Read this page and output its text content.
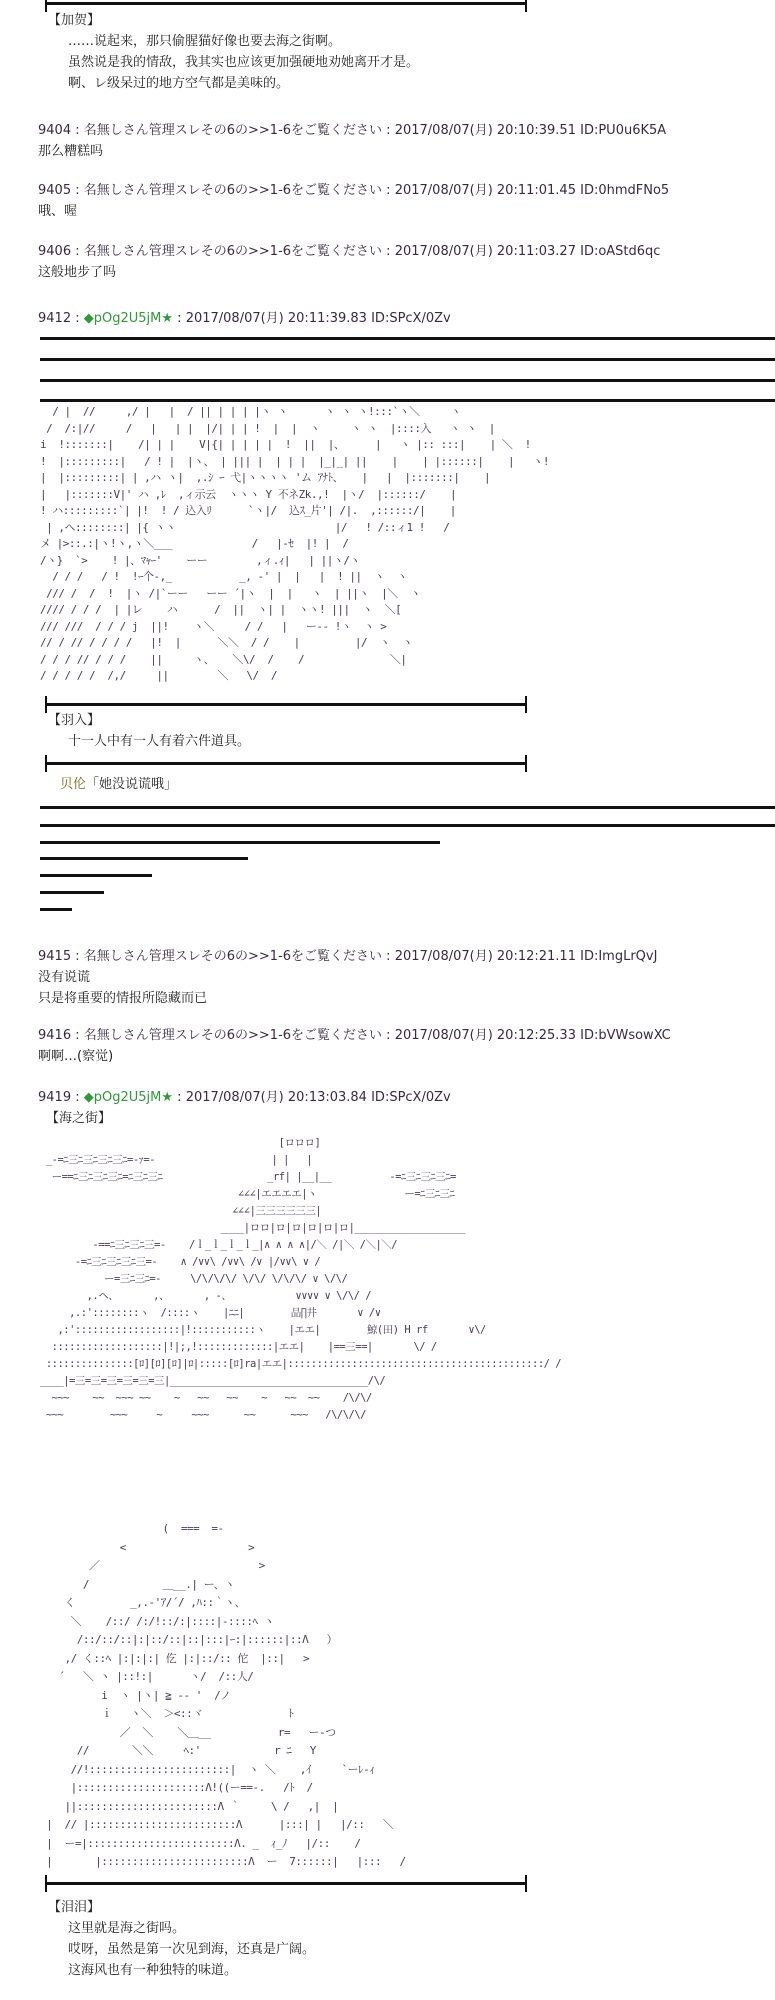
【加贺】
……说起来，那只偷腥猫好像也要去海之街啊。
虽然说是我的情敌，我其实也应该更加强硬地劝她离开才是。
啊、レ级呆过的地方空气都是美味的。
9404 : 名無しさん管理スレその6の>>1-6をご覧ください : 2017/08/07(月) 20:10:39.51 ID:PU0u6K5A
那么糟糕吗
9405 : 名無しさん管理スレその6の>>1-6をご覧ください : 2017/08/07(月) 20:11:01.45 ID:0hmdFNo5
哦、喔
9406 : 名無しさん管理スレその6の>>1-6をご覧ください : 2017/08/07(月) 20:11:03.27 ID:oAStd6qc
这般地步了吗
9412 : ◆pOg2U5jM★ : 2017/08/07(月) 20:11:39.83 ID:SPcX/0Zv
/ |  //     ,/ |   |  / || | | | |ヽ ヽ      ヽ ヽ ヽ!:::`ヽ＼     ヽ
/  /:|//     /   |   | |  |/| | | !  |  |  ヽ     ヽ ヽ  |::::入   ヽ ヽ  |
i  !:::::::|    /| | |    V|{| | | | |  !  ||  |、     |   ヽ |:: :::|    | ＼  !
!  |:::::::::|   / ! |  |ヽ、 | ||| |  | | |  |_|_| ||    |    | |::::::|    |   ヽ!
|  |:::::::::| | ,ハ ヽ|  ,.ｼ ｰ 弋|ヽヽヽヽ 'ム ｱﾅﾄ、   |   |  |:::::::|    |
|   |:::::::V|' ハ ,ﾚ  ,ィ示云  ヽヽヽ Y 不ネZk.,!  |ヽ/  |::::::/    |
! ハ:::::::::`| |!  ! / 込入ﾘ      `ヽ|/  込ｽ_片'| /|.  ,::::::/|    |
| ,ヘ::::::::| |{ ヽヽ                          |/   ! /::ィ1 !   /
メ |>::.:|ヽ!ヽ,ヽ＼___             /   |-ｾ  |! |  /
/ヽ}  `>    ! |、ﾏｬｰ'    ーー        ,ィ.ｨ|   | ||ヽ/ヽ
/ / /   / !  !ｰ个-,_           _, -' |  |   |  ! ||  ヽ  ヽ
/// /  /  !  |ヽ /|`ーー   ーー ´|ヽ  |  |   ヽ  | ||ヽ  |＼  ヽ
//// / / /  | |レ    ハ      /  ||  ヽ| |  ヽヽ! |||  ヽ  ＼[
/// ///  / / / j  ||!    ヽ＼     / /   |   ー‐‐ !ヽ  ヽ >
// / // / / / /   |!  |      ＼＼  / /    |         |/  ヽ  ヽ
/ / / // / / /    ||     ヽ、   ＼\/  /    /              ＼|
/ / / / /  /,/     ||        ＼   \/  /
【羽入】
十一人中有一人有着六件道具。
贝伦「她没说谎哦」
9415 : 名無しさん管理スレその6の>>1-6をご覧ください : 2017/08/07(月) 20:12:21.11 ID:ImgLrQvJ
没有说谎
只是将重要的情报所隐藏而已
9416 : 名無しさん管理スレその6の>>1-6をご覧ください : 2017/08/07(月) 20:12:25.33 ID:bVWsowXC
啊啊…(察觉)
9419 : ◆pOg2U5jM★ : 2017/08/07(月) 20:13:03.84 ID:SPcX/0Zv
【海之街】
[ロロロ]
_-=ﾆ三ﾆ三ﾆ三ﾆ三ﾆ=-ｧ=-                    | |   |
ー==ﾆ三ﾆ三ﾆ三ﾆ=ﾆ三ﾆ三ﾆ                  _rf| |__|__          -=ﾆ三ﾆ三ﾆ三ﾆ=
∠∠∠|エエエエ|ヽ               ー=ﾆ三ﾆ三ﾆ
∠∠∠|三三三三三三|
____|ロロ|ロ|ロ|ロ|ロ|ロ|___________________
-==ﾆ三ﾆ三ﾆ三=-    /ｌ_ｌ_ｌ_ｌ_|∧ ∧ ∧ ∧|/＼ /|＼ /＼|＼/
-=ﾆ三ﾆ三ﾆ三ﾆ三=-    ∧ /∨∨\ /∨∨\ /∨ |/∨∨\ ∨ /
ー=三ﾆ三ﾆ=-     \/\/\/\/ \/\/ \/\/\/ ∨ \/\/
,.ヘ、      ,、      , ‐、           ∨∨∨∨ ∨ \/\/ /
,.:'::::::::ヽ  /::::ヽ    |ﾆﾆ|        品∏井       ∨ /∨
,:'::::::::::::::::::|!:::::::::::ヽ    |エエ|        鯨(田) H rf       ∨\/
:::::::::::::::::::|!|;,!:::::::::::::|エエ|    |==三==|       \/ /
:::::::::::::::[ﾛ][ﾛ][ﾛ]|ﾛ|:::::[ﾛ]ra|エエ|::::::::::::::::::::::::::::::::::::::::::::/ /
____|=三=三=三=三=三=三|__________________________________/\/
~~~    ~~  ~~~ ~~    ~   ~~   ~~    ~   ~~  ~~    /\/\/
~~~        ~~~     ~     ~~~      ~~      ~~~   /\/\/\/
(  ===  =-
<                    >
／                          >
/            ＿__.| ー、ヽ
く         _,.-'ｱ/´/ ,ﾊ::｀ヽ、
＼    /::/ /:/!::/:|::::|-::::ﾍ ヽ
/::/::/::|:|::/::|::|:::|ｰ:|::::::|::Λ   ）
,/ く::ﾍ |:|:|:| 仡 |:|::/:: 佗  |::|   >
´   ＼ ヽ |::!:|      ヽ/  /::人/
i  ヽ |ヽ| ≧ -‐ '  /ノ
ｉ   ヽ＼  ＞<::ヾ              ﾄ
／  ＼    ＼＿__           r=   ー-つ
//       ＼＼     ﾍ:'            r ﾆ   Y
//!:::::::::::::::::::::::|  ヽ ＼    ,ｲ     `ーﾚ-ｨ
|:::::::::::::::::::::Λ!((ー==-.   /ﾄ  /
||:::::::::::::::::::::::Λ ｀     \ /   ,|  |
|  // |::::::::::::::::::::::::Λ      |:::| |   |/::   ＼
|  ー=|::::::::::::::::::::::::Λ. _  ｨ_ﾉ   |/::    /
|       |::::::::::::::::::::::::Λ  ー  7::::::|   |:::   /
【泪泪】
这里就是海之街吗。
哎呀，虽然是第一次见到海，还真是广阔。
这海风也有一种独特的味道。
